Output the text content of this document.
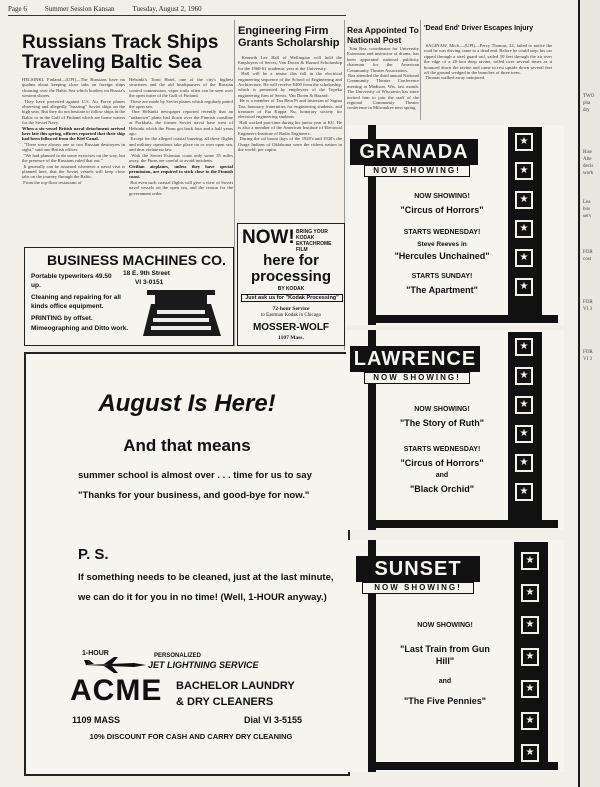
Page 6	Summer Session Kansan	Tuesday, August 2, 1960
Russians Track Ships Traveling Baltic Sea
HELSINKI, Finland—(UPI)—The Russians have no qualms about keeping close tabs on foreign ships churning over the Baltic Sea which borders on Russia's western shores.
They have protested against U.S. Air Force planes observing and allegedly "buzzing" Soviet ships on the high seas. But they do not hesitate to follow ships in the Baltic or in the Gulf of Finland which are home waters for the Soviet Navy.
When a six-vessel British naval detachment arrived here late this spring, officers reported that their ship had been followed from the Kiel Canal.
"There were always one or two Russian destroyers in sight," said one British officer.
"We had planned to do some exercises on the way, but the presence of the Russians ruled that out."
It generally can be assumed whenever a naval visit is planned here, that the Soviet vessels will keep close tabs on the journey through the Baltic.
From the top-floor restaurant of
Helsinki's Torni Hotel, one of the city's highest structures and the old headquarters of the Russian control commission, vapor trails often can be seen over the open water of the Gulf of Finland.
These are made by Soviet planes which regularly patrol the open sea.
One Helsinki newspaper reported recently that an "unknown" plane had flown over the Finnish coastline at Porkkala, the former Soviet naval base west of Helsinki which the Finns got back four and a half years ago.
Except for the alleged coastal buzzing, all these flights and military operations take place on or over open sea, and thus violate no law.
With the Soviet Estonian coast only some 35 miles away, the Finns are careful to avoid incidents.
Civilian airplanes, unless they have special permission, are required to stick close to the Finnish coast.
But even such coastal flights will give a view of Soviet naval vessels on the open sea, and the reason for the government order.
BUSINESS MACHINES CO.
18 E. 9th Street
VI 3-0151
Portable typewriters 49.50
up.
Cleaning and repairing for all kinds office equipment.
PRINTING by offset.
Mimeographing and Ditto work.
Engineering Firm Grants Scholarship
Kenneth Lee Hall of Wellington will hold the Employers of Servis, Van Doren & Hazard Scholarship for the 1960-61 academic year at the University.
Hall will be a senior this fall in the electrical engineering sequence of the School of Engineering and Architecture. He will receive $400 from the scholarship, which is presented by employees of the Topeka engineering firm of Servis, Van Doren & Hazard.
He is a member of Tau Beta Pi and historian of Sigma Tau, honorary fraternities for engineering students, and treasurer of Eta Kappa Nu, honorary society for electrical engineering students.
Hall worked part-time during his junior year at KU. He is also a member of the American Institute of Electrical Engineers-Institute of Radio Engineers.
During the oil boom days of the 1920's and 1930's the Osage Indians of Oklahoma were the richest nation in the world, per capita.
NOW! BRING YOUR KODAK EKTACHROME FILM
here for
processing
BY KODAK
Just ask us for "Kodak Processing"
72-hour Service
to Eastman Kodak in Chicago
MOSSER-WOLF
1107 Mass.
Rea Appointed To National Post
Tom Rea, coordinator for University Extension and instructor of drama, has been appointed national publicity chairman for the American Community Theater Association.
Rea attended the third annual National Community Theater Conference meeting at Madison, Wis. last month. The University of Wisconsin has since invited him to join the staff of the regional Community Theater conference in Milwaukee next spring.
'Dead End' Driver Escapes Injury
SAGINAW, Mich.—(UPI)—Percy Thomas, 24, failed to notice the road he was driving came to a dead end. Before he could stop, his car ripped through a steel guard rail, sailed 50 feet through the air over the edge of a 20-foot deep ravine, rolled over several times as it bounced down the ravine and came to rest upside down several feet off the ground wedged in the branches of three trees.
Thomas walked away uninjured.
August Is Here!
And that means
summer school is almost over . . . time for us to say "Thanks for your business, and good-bye for now."
P. S.
If something needs to be cleaned, just at the last minute, we can do it for you in no time! (Well, 1-HOUR anyway.)
1-HOUR	PERSONALIZED
JET LIGHTNING SERVICE
ACME BACHELOR LAUNDRY
& DRY CLEANERS
1109 MASS	Dial VI 3-5155
10% DISCOUNT FOR CASH AND CARRY DRY CLEANING
★
★
★
★
★
★
GRANADA
NOW SHOWING!
NOW SHOWING!
"Circus of Horrors"
STARTS WEDNESDAY!
Steve Reeves in
"Hercules Unchained"
STARTS SUNDAY!
"The Apartment"
★
★
★
★
★
★
LAWRENCE
NOW SHOWING!
NOW SHOWING!
"The Story of Ruth"
STARTS WEDNESDAY!
"Circus of Horrors"
and
"Black Orchid"
★
★
★
★
★
★
★
SUNSET
NOW SHOWING!
NOW SHOWING!
"Last Train from Gun
Hill"
and
"The Five Pennies"
TWO
pha
dry
Rise
Alte
decis
work
Lea
bus
serv
FOR
cost
FOR
VI 3
FOR
VI 3
